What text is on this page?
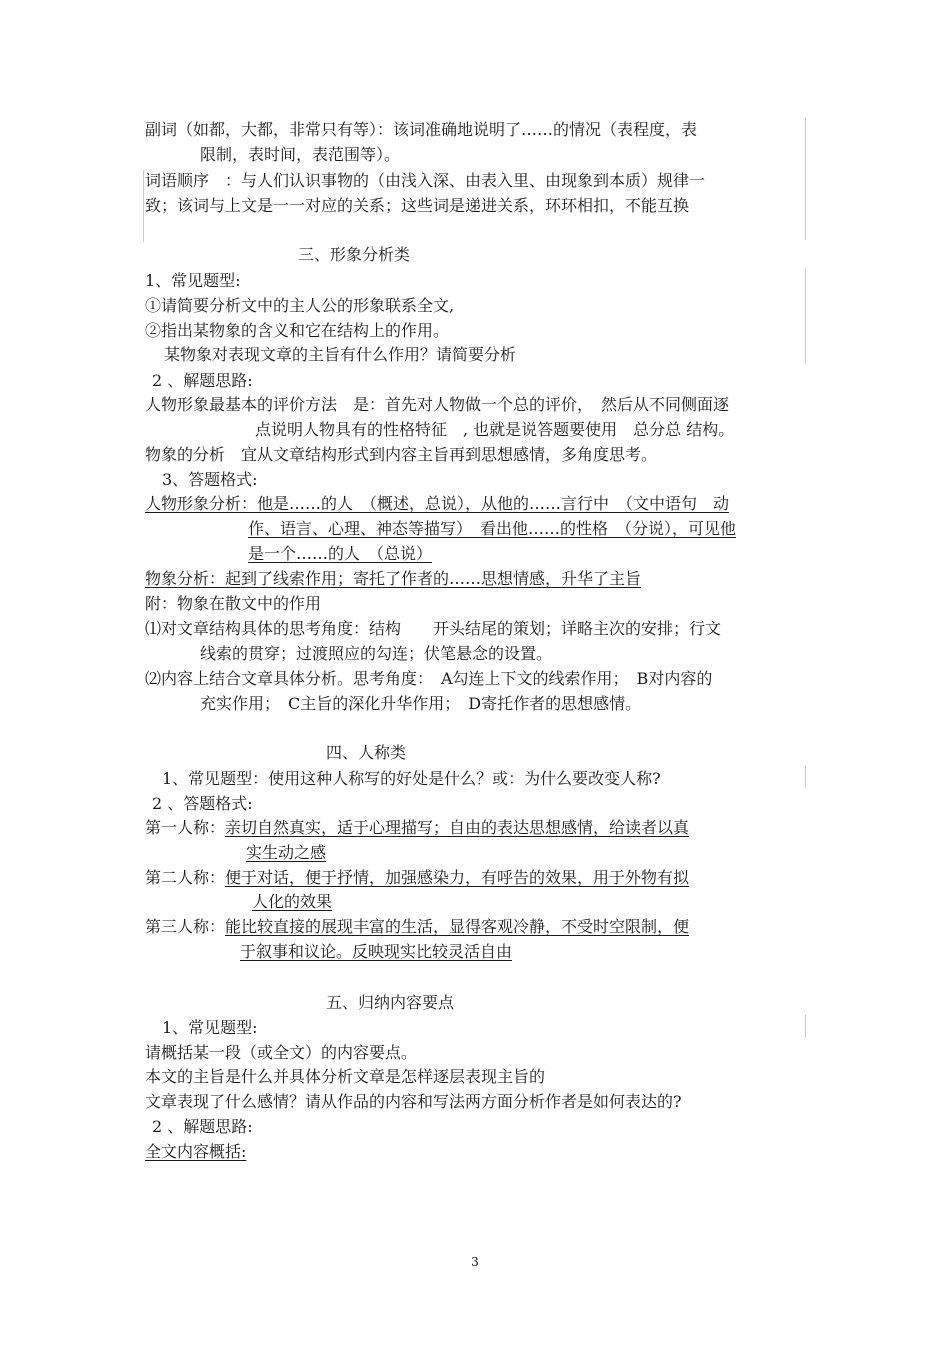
副词（如都，大都，非常只有等）：该词准确地说明了……的情况（表程度，表
限制，表时间，表范围等）。
词语顺序　：与人们认识事物的（由浅入深、由表入里、由现象到本质）规律一
致；该词与上文是一一对应的关系；这些词是递进关系，环环相扣，不能互换
三、形象分析类
1、常见题型:
①请简要分析文中的主人公的形象联系全文,
②指出某物象的含义和它在结构上的作用。
某物象对表现文章的主旨有什么作用？请简要分析
2 、解题思路:
人物形象最基本的评价方法　是：首先对人物做一个总的评价，　然后从不同侧面逐
点说明人物具有的性格特征　, 也就是说答题要使用　总分总 结构。
物象的分析　宜从文章结构形式到内容主旨再到思想感情，多角度思考。
3、答题格式:
人物形象分析：他是……的人　（概述，总说），从他的……言行中　（文中语句　动
作、语言、心理、神态等描写）　看出他……的性格　（分说），可见他
是一个……的人　（总说）
物象分析：起到了线索作用；寄托了作者的……思想情感，升华了主旨
附：物象在散文中的作用
⑴对文章结构具体的思考角度：结构　　开头结尾的策划；详略主次的安排；行文
线索的贯穿；过渡照应的勾连；伏笔悬念的设置。
⑵内容上结合文章具体分析。思考角度：　A勾连上下文的线索作用；　B对内容的
充实作用；　C主旨的深化升华作用；　D寄托作者的思想感情。
四、人称类
1、常见题型：使用这种人称写的好处是什么？或：为什么要改变人称?
2 、答题格式:
第一人称：亲切自然真实，适于心理描写；自由的表达思想感情，给读者以真
实生动之感
第二人称：便于对话，便于抒情，加强感染力，有呼告的效果，用于外物有拟
人化的效果
第三人称：能比较直接的展现丰富的生活，显得客观冷静，不受时空限制，便
于叙事和议论。反映现实比较灵活自由
五、归纳内容要点
1、常见题型:
请概括某一段（或全文）的内容要点。
本文的主旨是什么并具体分析文章是怎样逐层表现主旨的
文章表现了什么感情？请从作品的内容和写法两方面分析作者是如何表达的?
2 、解题思路:
全文内容概括:
3
